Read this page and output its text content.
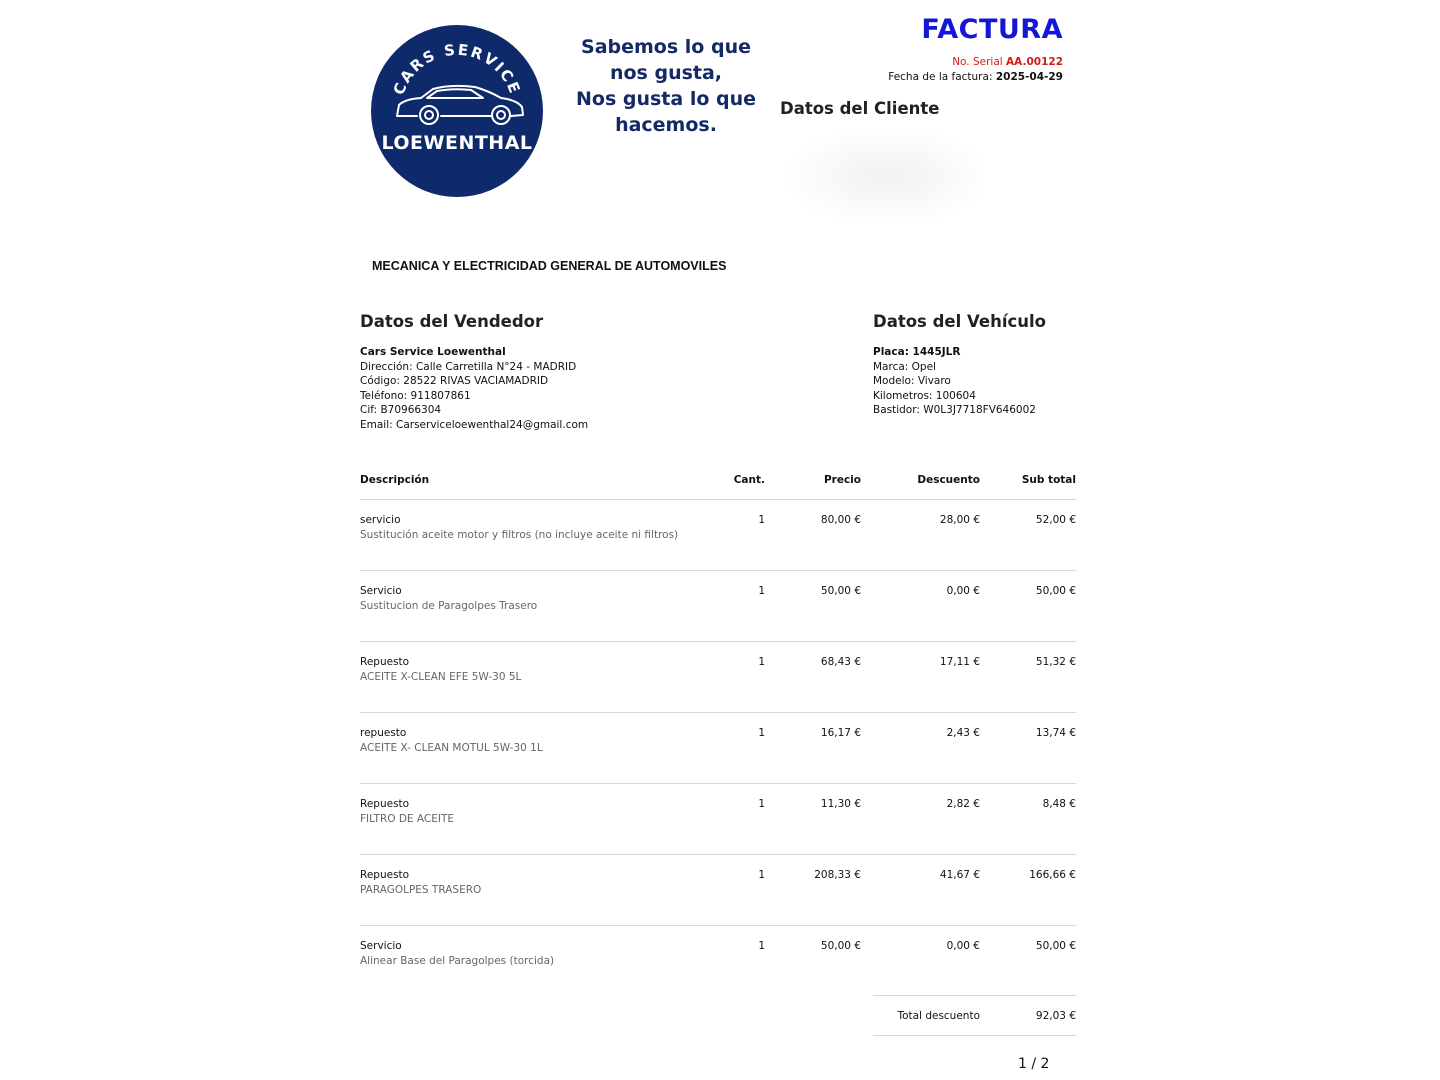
CARS SERVICE
LOEWENTHAL
Sabemos lo que
nos gusta,
Nos gusta lo que
hacemos.
FACTURA
No. Serial AA.00122
Fecha de la factura: 2025-04-29
Datos del Cliente
MECANICA Y ELECTRICIDAD GENERAL DE AUTOMOVILES
Datos del Vendedor
Cars Service Loewenthal
Dirección: Calle Carretilla N°24 - MADRID
Código: 28522 RIVAS VACIAMADRID
Teléfono: 911807861
Cif: B70966304
Email: Carserviceloewenthal24@gmail.com
Datos del Vehículo
Placa: 1445JLR
Marca: Opel
Modelo: Vivaro
Kilometros: 100604
Bastidor: W0L3J7718FV646002
Descripción	Cant.	Precio	Descuento	Sub total
servicio
Sustitución aceite motor y filtros (no incluye aceite ni filtros)
1	80,00 €	28,00 €	52,00 €
Servicio
Sustitucion de Paragolpes Trasero
1	50,00 €	0,00 €	50,00 €
Repuesto
ACEITE X-CLEAN EFE 5W-30 5L
1	68,43 €	17,11 €	51,32 €
repuesto
ACEITE X- CLEAN MOTUL 5W-30 1L
1	16,17 €	2,43 €	13,74 €
Repuesto
FILTRO DE ACEITE
1	11,30 €	2,82 €	8,48 €
Repuesto
PARAGOLPES TRASERO
1	208,33 €	41,67 €	166,66 €
Servicio
Alinear Base del Paragolpes (torcida)
1	50,00 €	0,00 €	50,00 €
Total descuento	92,03 €
1 / 2
